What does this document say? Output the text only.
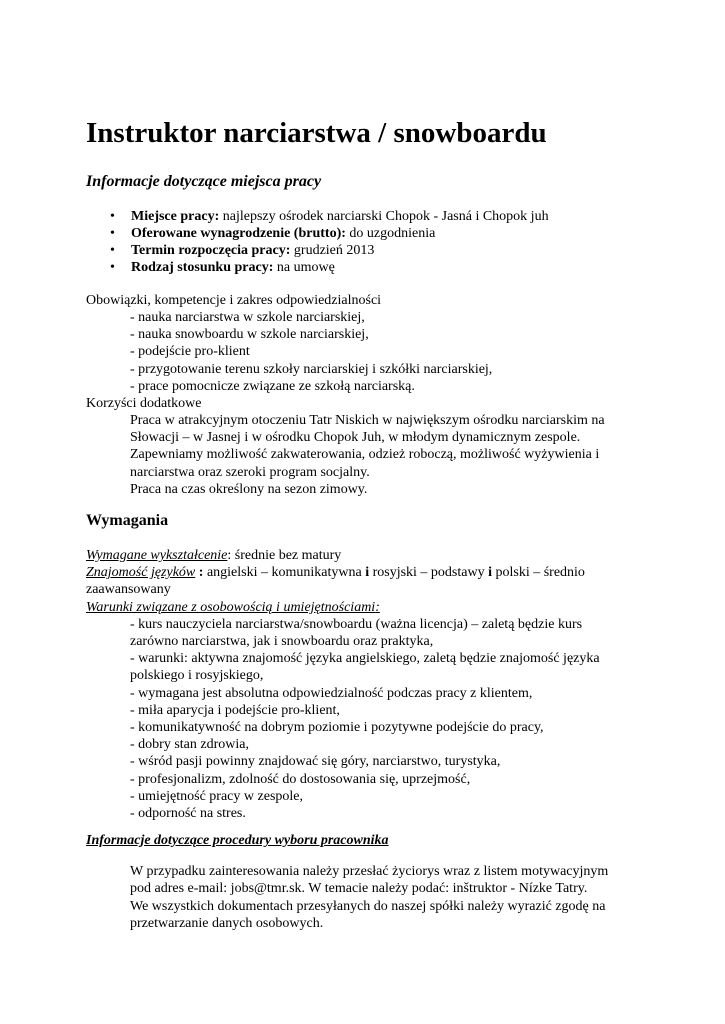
Instruktor narciarstwa / snowboardu
Informacje dotyczące miejsca pracy
• Miejsce pracy: najlepszy ośrodek narciarski Chopok - Jasná i Chopok juh
• Oferowane wynagrodzenie (brutto): do uzgodnienia
• Termin rozpoczęcia pracy: grudzień 2013
• Rodzaj stosunku pracy: na umowę
Obowiązki, kompetencje i zakres odpowiedzialności
- nauka narciarstwa w szkole narciarskiej,
- nauka snowboardu w szkole narciarskiej,
- podejście pro-klient
- przygotowanie terenu szkoły narciarskiej i szkółki narciarskiej,
- prace pomocnicze związane ze szkołą narciarską.
Korzyści dodatkowe
Praca w atrakcyjnym otoczeniu Tatr Niskich w największym ośrodku narciarskim na
Słowacji – w Jasnej i w ośrodku Chopok Juh, w młodym dynamicznym zespole.
Zapewniamy możliwość zakwaterowania, odzież roboczą, możliwość wyżywienia i
narciarstwa oraz szeroki program socjalny.
Praca na czas określony na sezon zimowy.
Wymagania
Wymagane wykształcenie: średnie bez matury
Znajomość języków : angielski – komunikatywna i rosyjski – podstawy i polski – średnio
zaawansowany
Warunki związane z osobowością i umiejętnościami:
- kurs nauczyciela narciarstwa/snowboardu (ważna licencja) – zaletą będzie kurs
zarówno narciarstwa, jak i snowboardu oraz praktyka,
- warunki: aktywna znajomość języka angielskiego, zaletą będzie znajomość języka
polskiego i rosyjskiego,
- wymagana jest absolutna odpowiedzialność podczas pracy z klientem,
- miła aparycja i podejście pro-klient,
- komunikatywność na dobrym poziomie i pozytywne podejście do pracy,
- dobry stan zdrowia,
- wśród pasji powinny znajdować się góry, narciarstwo, turystyka,
- profesjonalizm, zdolność do dostosowania się, uprzejmość,
- umiejętność pracy w zespole,
- odporność na stres.
Informacje dotyczące procedury wyboru pracownika
W przypadku zainteresowania należy przesłać życiorys wraz z listem motywacyjnym
pod adres e-mail: jobs@tmr.sk. W temacie należy podać: inštruktor - Nízke Tatry.
We wszystkich dokumentach przesyłanych do naszej spółki należy wyrazić zgodę na
przetwarzanie danych osobowych.
